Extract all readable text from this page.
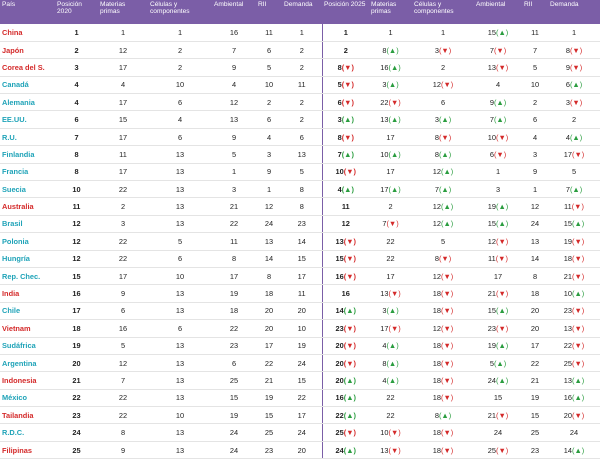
País	Posición 2020	Materias primas	Células y componentes	Ambiental	RII	Demanda	Posición 2025	Materias primas	Células y componentes	Ambiental	RII	Demanda
China	1	1	1	16	11	1	1	1	1	15(▲)	11	1
Japón	2	12	2	7	6	2	2	8(▲)	3(▼)	7(▼)	7	8(▼)
Corea del S.	3	17	2	9	5	2	8(▼)	16(▲)	2	13(▼)	5	9(▼)
Canadá	4	4	10	4	10	11	5(▼)	3(▲)	12(▼)	4	10	6(▲)
Alemania	4	17	6	12	2	2	6(▼)	22(▼)	6	9(▲)	2	3(▼)
EE.UU.	6	15	4	13	6	2	3(▲)	13(▲)	3(▲)	7(▲)	6	2
R.U.	7	17	6	9	4	6	8(▼)	17	8(▼)	10(▼)	4	4(▲)
Finlandia	8	11	13	5	3	13	7(▲)	10(▲)	8(▲)	6(▼)	3	17(▼)
Francia	8	17	13	1	9	5	10(▼)	17	12(▲)	1	9	5
Suecia	10	22	13	3	1	8	4(▲)	17(▲)	7(▲)	3	1	7(▲)
Australia	11	2	13	21	12	8	11	2	12(▲)	19(▲)	12	11(▼)
Brasil	12	3	13	22	24	23	12	7(▼)	12(▲)	15(▲)	24	15(▲)
Polonia	12	22	5	11	13	14	13(▼)	22	5	12(▼)	13	19(▼)
Hungría	12	22	6	8	14	15	15(▼)	22	8(▼)	11(▼)	14	18(▼)
Rep. Chec.	15	17	10	17	8	17	16(▼)	17	12(▼)	17	8	21(▼)
India	16	9	13	19	18	11	16	13(▼)	18(▼)	21(▼)	18	10(▲)
Chile	17	6	13	18	20	20	14(▲)	3(▲)	18(▼)	15(▲)	20	23(▼)
Vietnam	18	16	6	22	20	10	23(▼)	17(▼)	12(▼)	23(▼)	20	13(▼)
Sudáfrica	19	5	13	23	17	19	20(▼)	4(▲)	18(▼)	19(▲)	17	22(▼)
Argentina	20	12	13	6	22	24	20(▼)	8(▲)	18(▼)	5(▲)	22	25(▼)
Indonesia	21	7	13	25	21	15	20(▲)	4(▲)	18(▼)	24(▲)	21	13(▲)
México	22	22	13	15	19	22	16(▲)	22	18(▼)	15	19	16(▲)
Tailandia	23	22	10	19	15	17	22(▲)	22	8(▲)	21(▼)	15	20(▼)
R.D.C.	24	8	13	24	25	24	25(▼)	10(▼)	18(▼)	24	25	24
Filipinas	25	9	13	24	23	20	24(▲)	13(▼)	18(▼)	25(▼)	23	14(▲)
